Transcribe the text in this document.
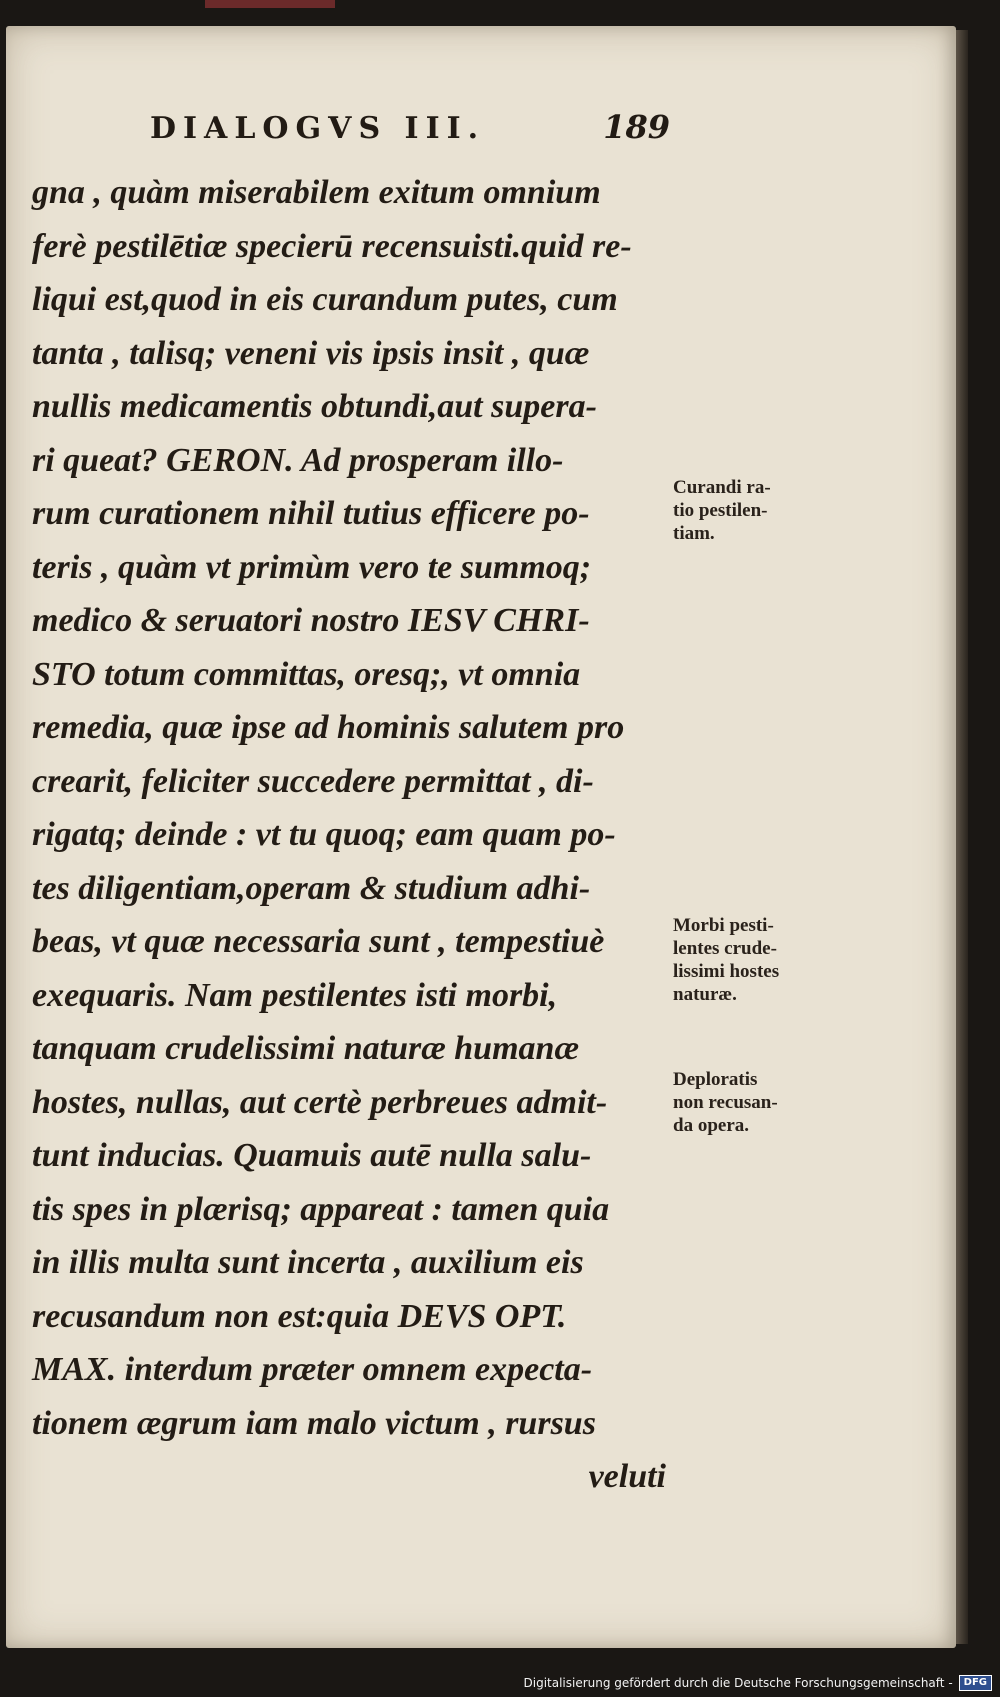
DIALOGVS III.	189
gna , quàm miserabilem exitum omnium
ferè pestilētiæ specierū recensuisti.quid re-
liqui est,quod in eis curandum putes, cum
tanta , talisq; veneni vis ipsis insit , quæ
nullis medicamentis obtundi,aut supera-
ri queat? GERON. Ad prosperam illo-
rum curationem nihil tutius efficere po-
teris , quàm vt primùm vero te summoq;
medico & seruatori nostro IESV CHRI-
STO totum committas, oresq;, vt omnia
remedia, quæ ipse ad hominis salutem pro
crearit, feliciter succedere permittat , di-
rigatq; deinde : vt tu quoq; eam quam po-
tes diligentiam,operam & studium adhi-
beas, vt quæ necessaria sunt , tempestiuè
exequaris. Nam pestilentes isti morbi,
tanquam crudelissimi naturæ humanæ
hostes, nullas, aut certè perbreues admit-
tunt inducias. Quamuis autē nulla salu-
tis spes in plærisq; appareat : tamen quia
in illis multa sunt incerta , auxilium eis
recusandum non est:quia DEVS OPT.
MAX. interdum præter omnem expecta-
tionem ægrum iam malo victum , rursus
veluti
Curandi ra-
tio pestilen-
tiam.
Morbi pesti-
lentes crude-
lissimi hostes
naturæ.
Deploratis
non recusan-
da opera.
Digitalisierung gefördert durch die Deutsche Forschungsgemeinschaft -	DFG
